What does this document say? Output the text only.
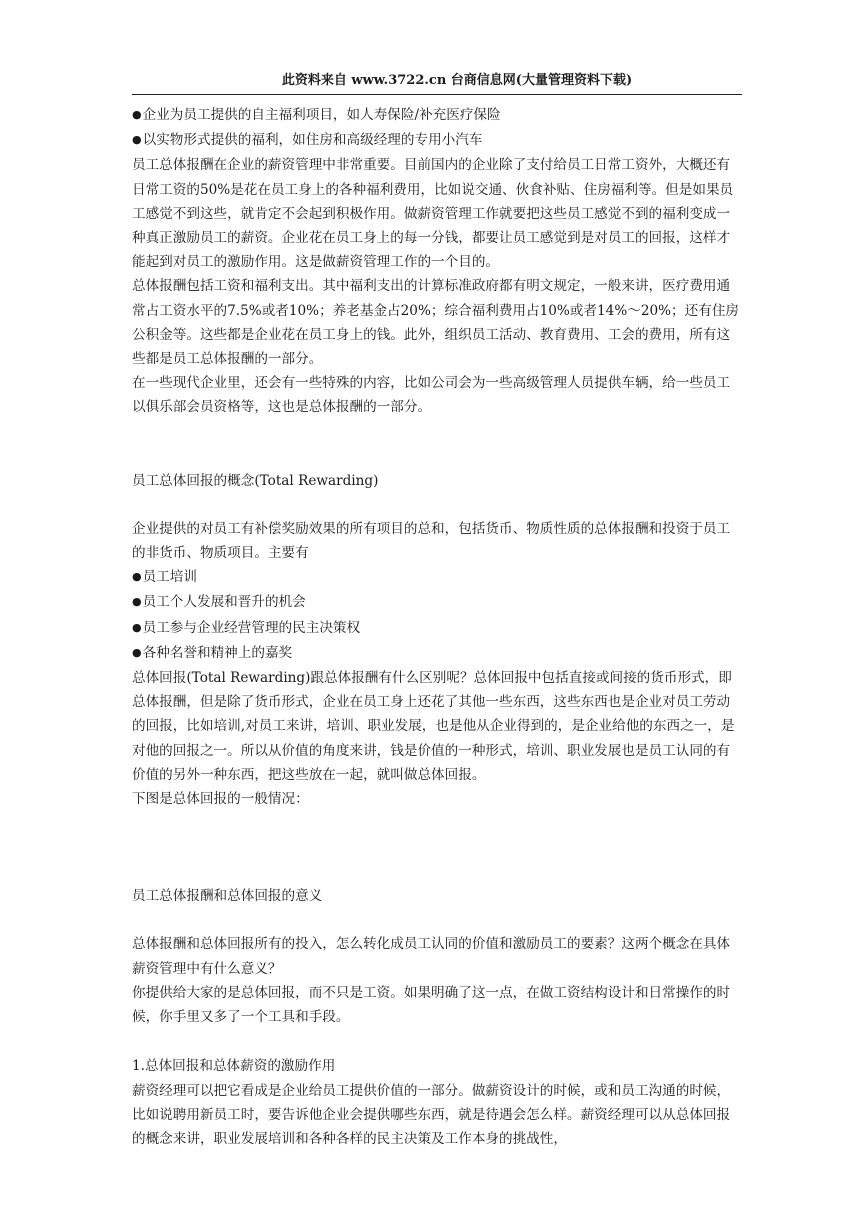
此资料来自 www.3722.cn 台商信息网(大量管理资料下载)

● 企业为员工提供的自主福利项目，如人寿保险/补充医疗保险

● 以实物形式提供的福利，如住房和高级经理的专用小汽车

员工总体报酬在企业的薪资管理中非常重要。目前国内的企业除了支付给员工日常工资外，大概还有日常工资的50%是花在员工身上的各种福利费用，比如说交通、伙食补贴、住房福利等。但是如果员工感觉不到这些，就肯定不会起到积极作用。做薪资管理工作就要把这些员工感觉不到的福利变成一种真正激励员工的薪资。企业花在员工身上的每一分钱，都要让员工感觉到是对员工的回报，这样才能起到对员工的激励作用。这是做薪资管理工作的一个目的。

总体报酬包括工资和福利支出。其中福利支出的计算标准政府都有明文规定，一般来讲，医疗费用通常占工资水平的7.5%或者10%；养老基金占20%；综合福利费用占10%或者14%～20%；还有住房公积金等。这些都是企业花在员工身上的钱。此外，组织员工活动、教育费用、工会的费用，所有这些都是员工总体报酬的一部分。

在一些现代企业里，还会有一些特殊的内容，比如公司会为一些高级管理人员提供车辆，给一些员工以俱乐部会员资格等，这也是总体报酬的一部分。

员工总体回报的概念(Total Rewarding)

企业提供的对员工有补偿奖励效果的所有项目的总和，包括货币、物质性质的总体报酬和投资于员工的非货币、物质项目。主要有

● 员工培训

● 员工个人发展和晋升的机会

● 员工参与企业经营管理的民主决策权

● 各种名誉和精神上的嘉奖

总体回报(Total Rewarding)跟总体报酬有什么区别呢？总体回报中包括直接或间接的货币形式，即总体报酬，但是除了货币形式，企业在员工身上还花了其他一些东西，这些东西也是企业对员工劳动的回报，比如培训,对员工来讲，培训、职业发展，也是他从企业得到的，是企业给他的东西之一，是对他的回报之一。所以从价值的角度来讲，钱是价值的一种形式，培训、职业发展也是员工认同的有价值的另外一种东西，把这些放在一起，就叫做总体回报。

下图是总体回报的一般情况：

员工总体报酬和总体回报的意义

总体报酬和总体回报所有的投入，怎么转化成员工认同的价值和激励员工的要素？这两个概念在具体薪资管理中有什么意义？

你提供给大家的是总体回报，而不只是工资。如果明确了这一点，在做工资结构设计和日常操作的时候，你手里又多了一个工具和手段。

1.总体回报和总体薪资的激励作用

薪资经理可以把它看成是企业给员工提供价值的一部分。做薪资设计的时候，或和员工沟通的时候，比如说聘用新员工时，要告诉他企业会提供哪些东西，就是待遇会怎么样。薪资经理可以从总体回报的概念来讲，职业发展培训和各种各样的民主决策及工作本身的挑战性，
